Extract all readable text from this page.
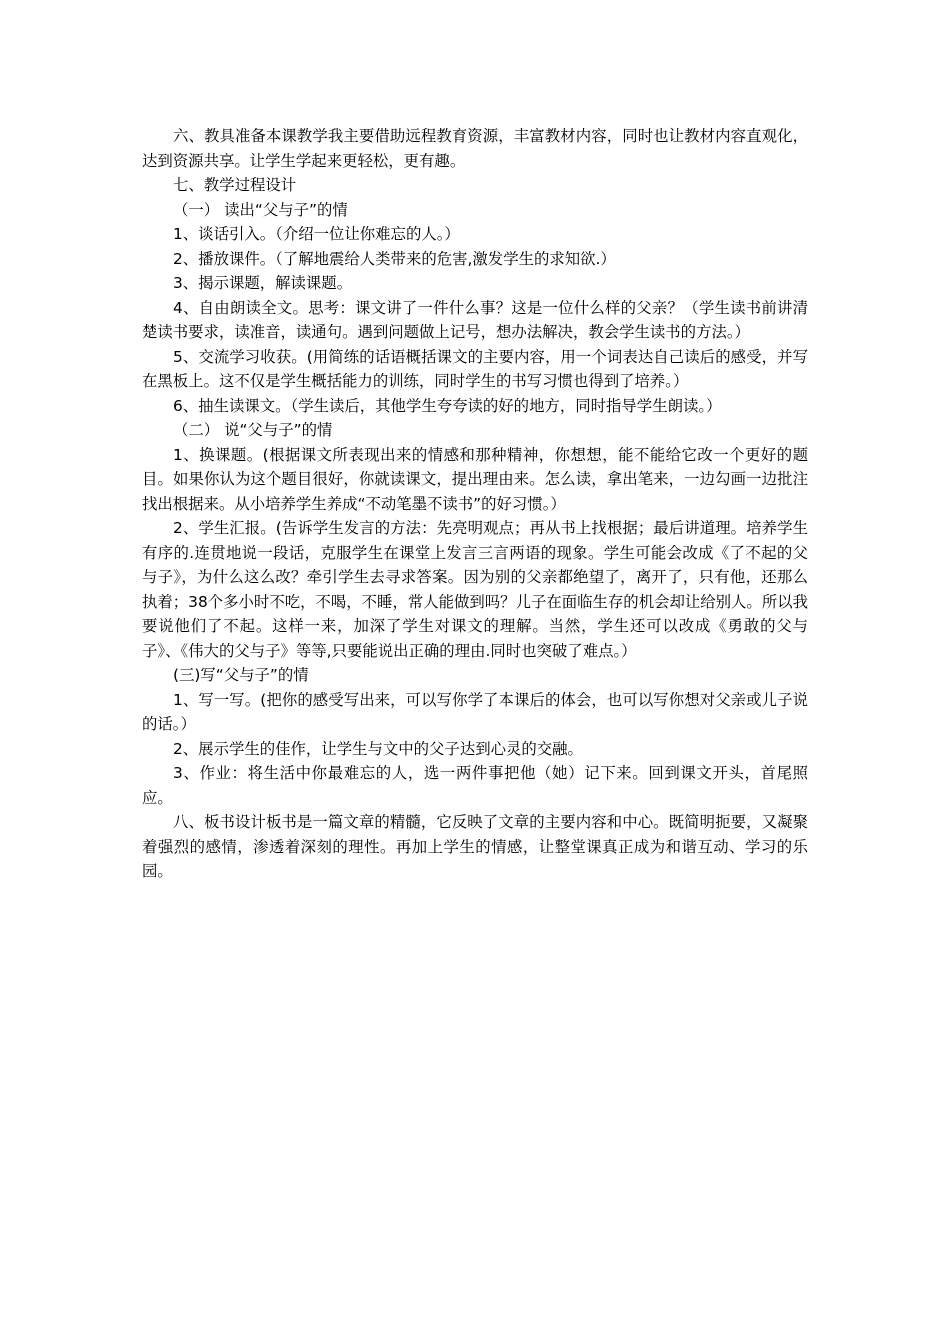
六、教具准备本课教学我主要借助远程教育资源，丰富教材内容，同时也让教材内容直观化，达到资源共享。让学生学起来更轻松，更有趣。

七、教学过程设计

（一） 读出“父与子”的情

1、谈话引入。（介绍一位让你难忘的人。）

2、播放课件。（了解地震给人类带来的危害,激发学生的求知欲.）

3、揭示课题，解读课题。

4、自由朗读全文。思考：课文讲了一件什么事？这是一位什么样的父亲？（学生读书前讲清楚读书要求，读准音，读通句。遇到问题做上记号，想办法解决，教会学生读书的方法。）

5、交流学习收获。(用简练的话语概括课文的主要内容，用一个词表达自己读后的感受，并写在黑板上。这不仅是学生概括能力的训练，同时学生的书写习惯也得到了培养。）

6、抽生读课文。（学生读后，其他学生夸夸读的好的地方，同时指导学生朗读。）

（二） 说“父与子”的情

1、换课题。(根据课文所表现出来的情感和那种精神，你想想，能不能给它改一个更好的题目。如果你认为这个题目很好，你就读课文，提出理由来。怎么读，拿出笔来，一边勾画一边批注找出根据来。从小培养学生养成“不动笔墨不读书”的好习惯。）

2、学生汇报。(告诉学生发言的方法：先亮明观点；再从书上找根据；最后讲道理。培养学生有序的.连贯地说一段话，克服学生在课堂上发言三言两语的现象。学生可能会改成《了不起的父与子》，为什么这么改？牵引学生去寻求答案。因为别的父亲都绝望了，离开了，只有他，还那么执着；38个多小时不吃，不喝，不睡，常人能做到吗？儿子在面临生存的机会却让给别人。所以我要说他们了不起。这样一来，加深了学生对课文的理解。当然，学生还可以改成《勇敢的父与子》、《伟大的父与子》等等,只要能说出正确的理由.同时也突破了难点。）

(三)写“父与子”的情

1、写一写。(把你的感受写出来，可以写你学了本课后的体会，也可以写你想对父亲或儿子说的话。）

2、展示学生的佳作，让学生与文中的父子达到心灵的交融。

3、作业：将生活中你最难忘的人，选一两件事把他（她）记下来。回到课文开头，首尾照应。

八、板书设计板书是一篇文章的精髓，它反映了文章的主要内容和中心。既简明扼要，又凝聚着强烈的感情，渗透着深刻的理性。再加上学生的情感，让整堂课真正成为和谐互动、学习的乐园。
